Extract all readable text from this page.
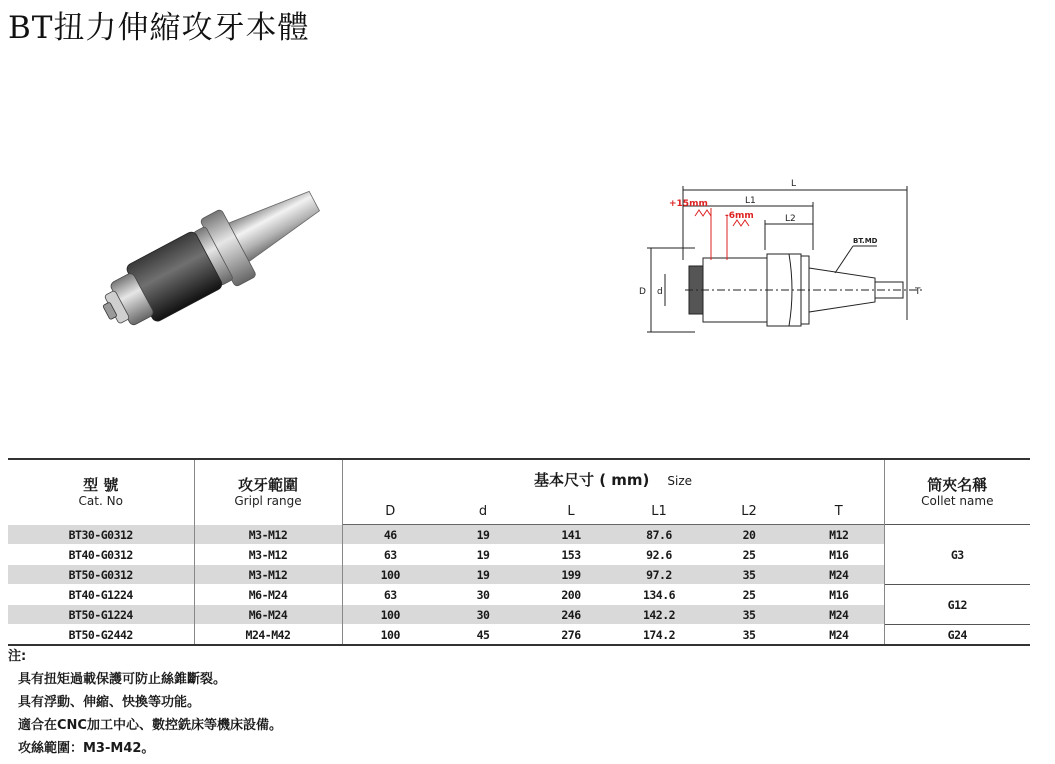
BT扭力伸縮攻牙本體
L
L1
L2
+15mm
-6mm
BT.MD
D d	T
型 號
Cat. No	攻牙範圍
Gripl range	基本尺寸 ( mm) Size						筒夾名稱
Collet name

		D	d	L	L1	L2	T	
BT30-G0312	M3-M12	46	19	141	87.6	20	M12	G3
BT40-G0312	M3-M12	63	19	153	92.6	25	M16	
BT50-G0312	M3-M12	100	19	199	97.2	35	M24	
BT40-G1224	M6-M24	63	30	200	134.6	25	M16	G12
BT50-G1224	M6-M24	100	30	246	142.2	35	M24	
BT50-G2442	M24-M42	100	45	276	174.2	35	M24	G24
注:
具有扭矩過載保護可防止絲錐斷裂。
具有浮動、伸縮、快換等功能。
適合在CNC加工中心、數控銑床等機床設備。
攻絲範圍：M3-M42。
